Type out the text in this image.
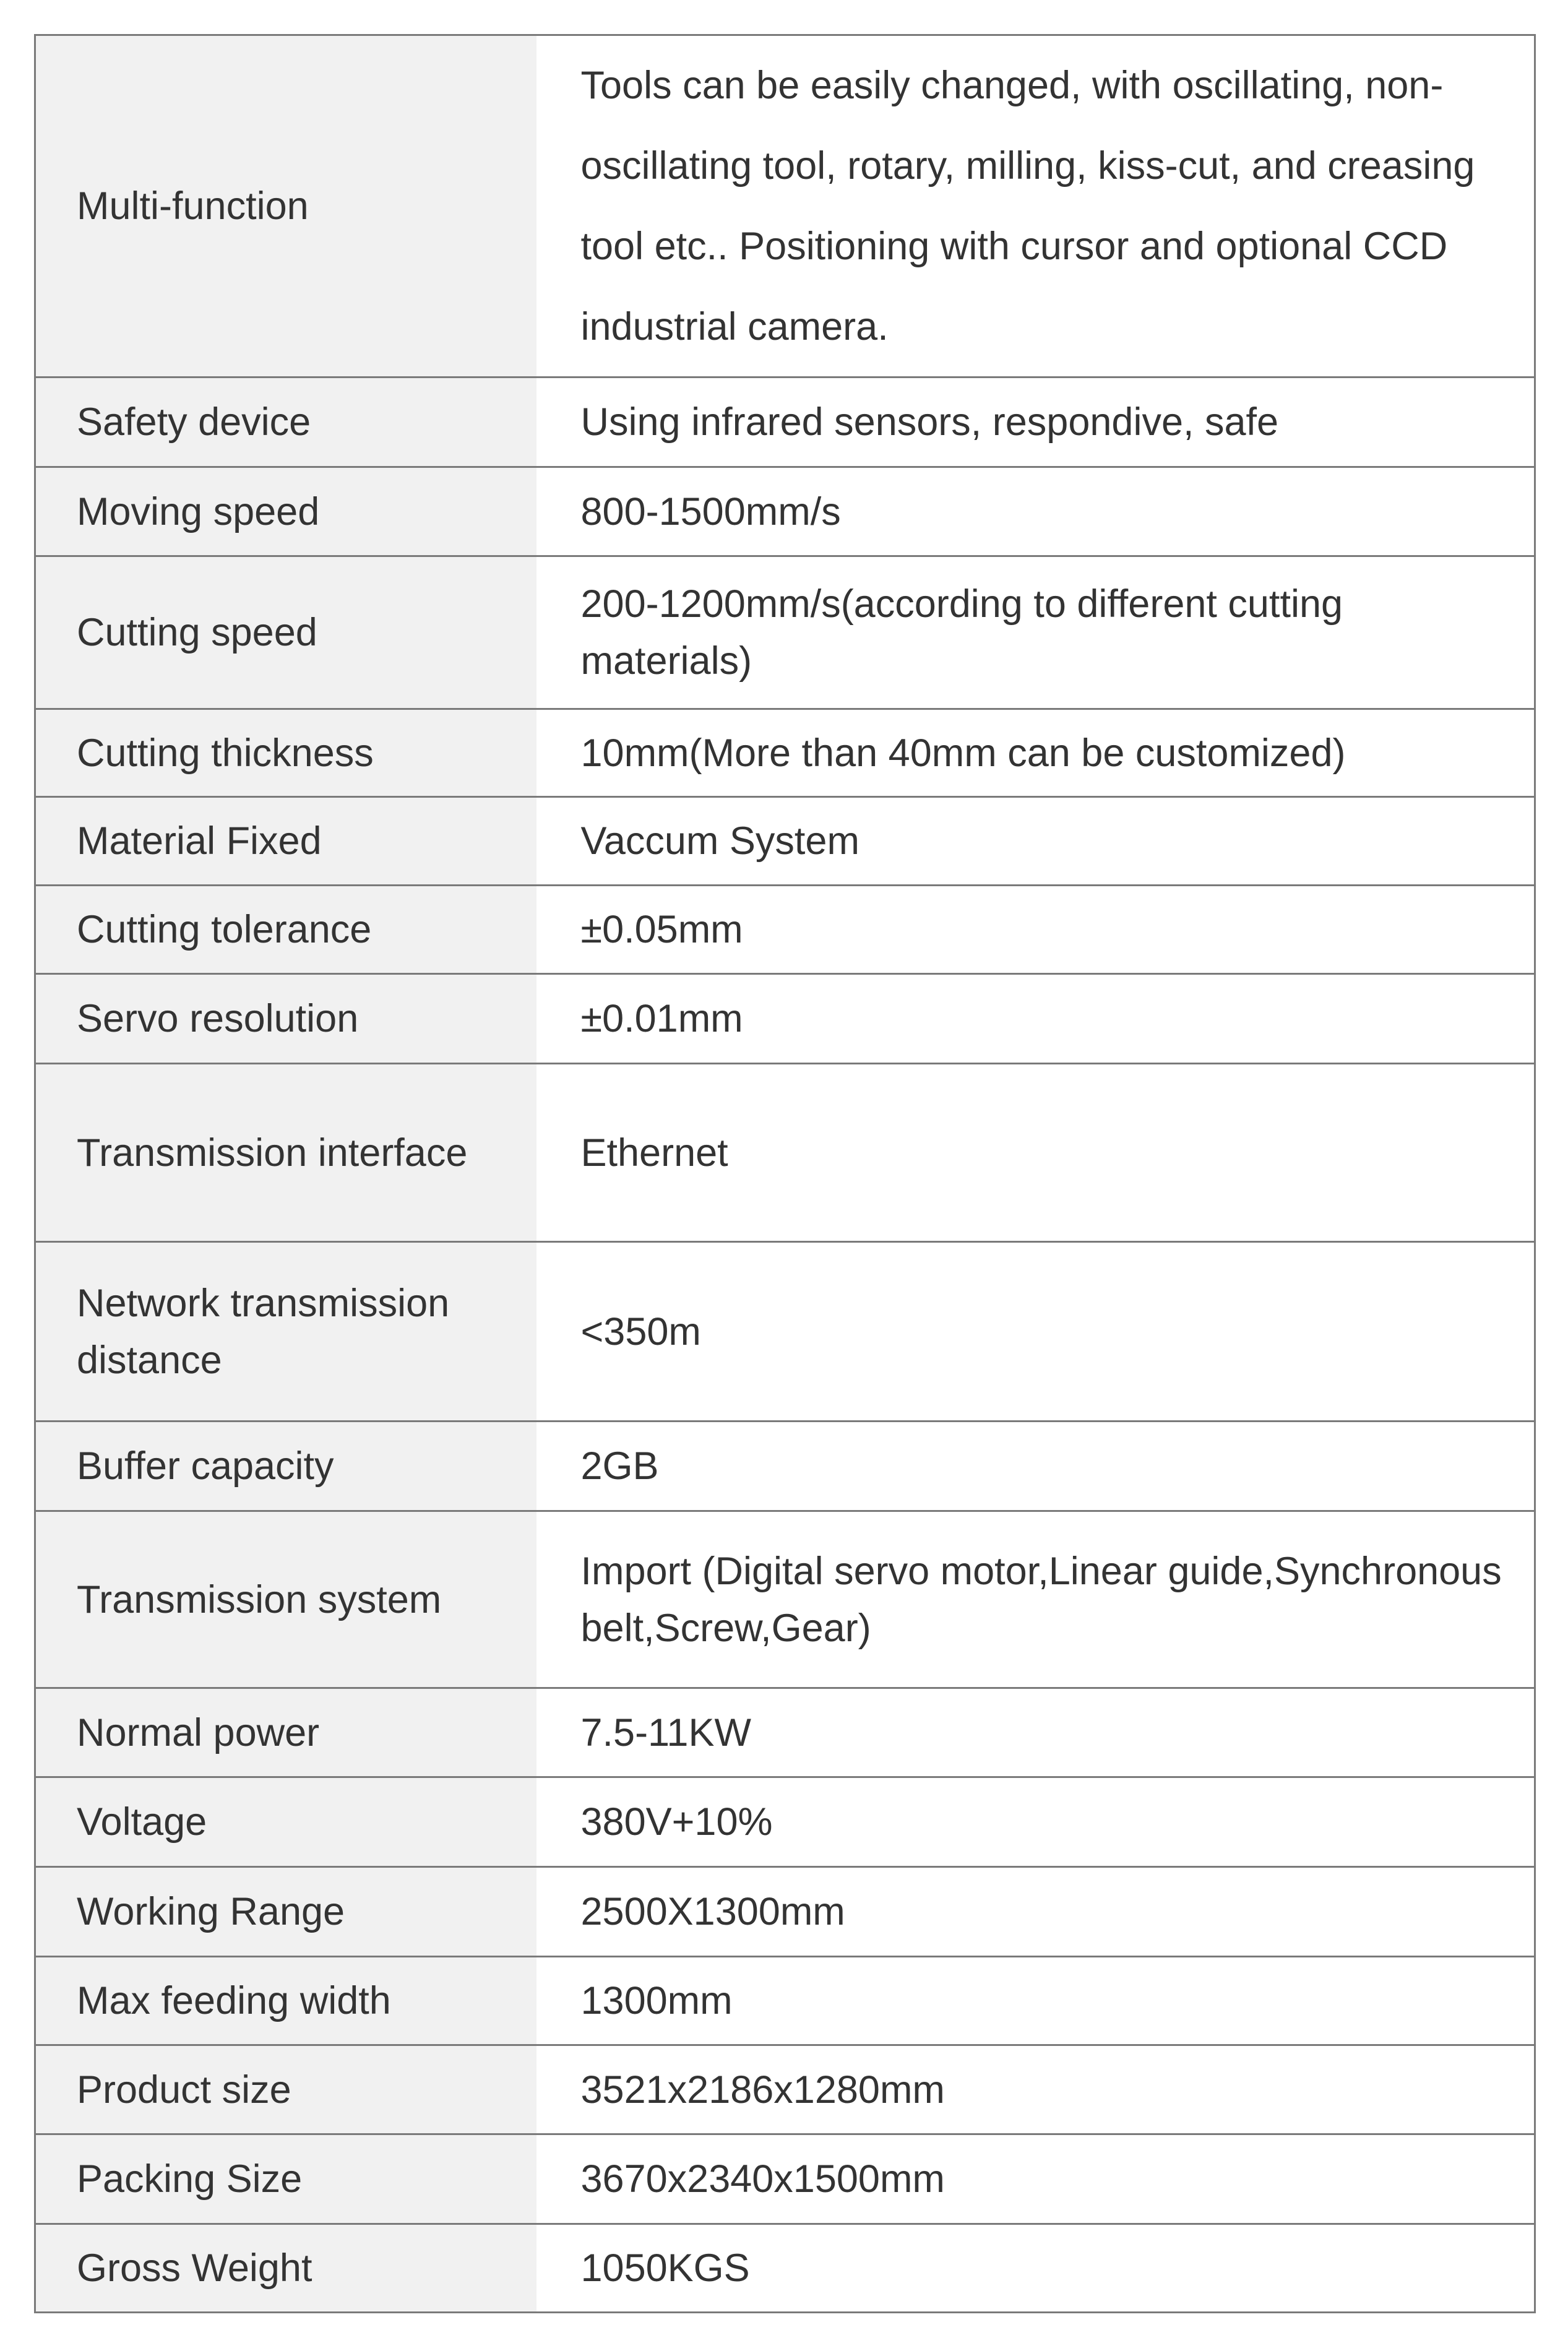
Multi-function	Tools can be easily changed, with oscillating, non-oscillating tool, rotary, milling, kiss-cut, and creasing tool etc.. Positioning with cursor and optional CCD industrial camera.
Safety device	Using infrared sensors, respondive, safe
Moving speed	800-1500mm/s
Cutting speed	200-1200mm/s(according to different cutting materials)
Cutting thickness	10mm(More than 40mm can be customized)
Material Fixed	Vaccum System
Cutting tolerance	±0.05mm
Servo resolution	±0.01mm
Transmission interface	Ethernet
Network transmission distance	<350m
Buffer capacity	2GB
Transmission system	Import (Digital servo motor,Linear guide,Synchronous belt,Screw,Gear)
Normal power	7.5-11KW
Voltage	380V+10%
Working Range	2500X1300mm
Max feeding width	1300mm
Product size	3521x2186x1280mm
Packing Size	3670x2340x1500mm
Gross Weight	1050KGS
